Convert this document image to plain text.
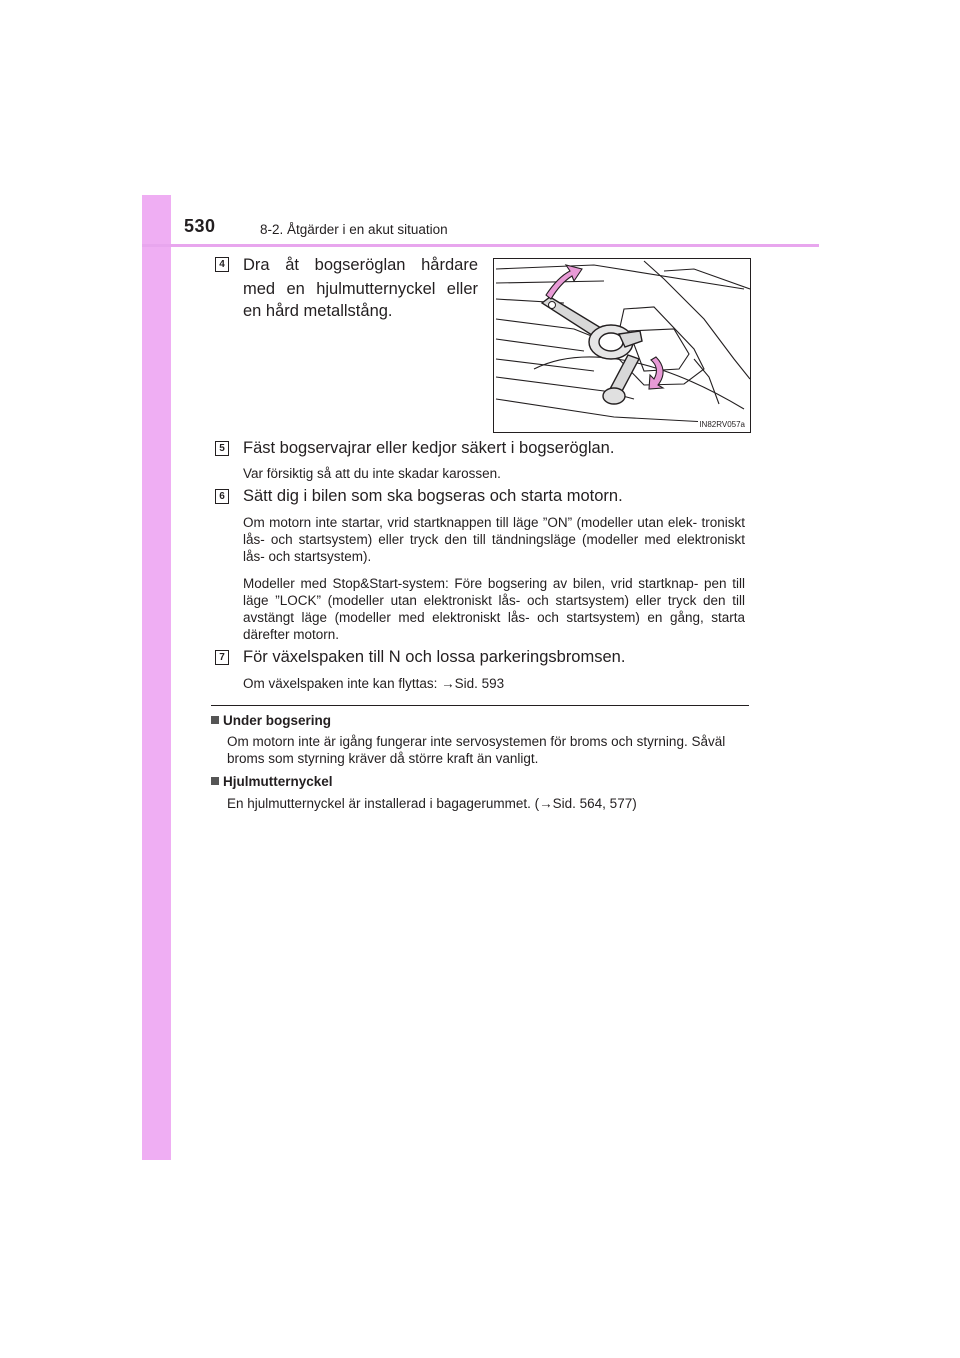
530	8-2. Åtgärder i en akut situation
4 Dra åt bogseröglan hårdare
med en hjulmutternyckel eller
en hård metallstång.
IN82RV057a
5 Fäst bogservajrar eller kedjor säkert i bogseröglan.
Var försiktig så att du inte skadar karossen.
6 Sätt dig i bilen som ska bogseras och starta motorn.
Om motorn inte startar, vrid startknappen till läge ”ON” (modeller utan elek- troniskt lås- och startsystem) eller tryck den till tändningsläge (modeller med elektroniskt lås- och startsystem).
Modeller med Stop&Start-system: Före bogsering av bilen, vrid startknap- pen till läge ”LOCK” (modeller utan elektroniskt lås- och startsystem) eller tryck den till avstängt läge (modeller med elektroniskt lås- och startsystem) en gång, starta därefter motorn.
7 För växelspaken till N och lossa parkeringsbromsen.
Om växelspaken inte kan flyttas: →Sid. 593
Under bogsering
Om motorn inte är igång fungerar inte servosystemen för broms och styrning. Såväl broms som styrning kräver då större kraft än vanligt.
Hjulmutternyckel
En hjulmutternyckel är installerad i bagagerummet. (→Sid. 564, 577)
